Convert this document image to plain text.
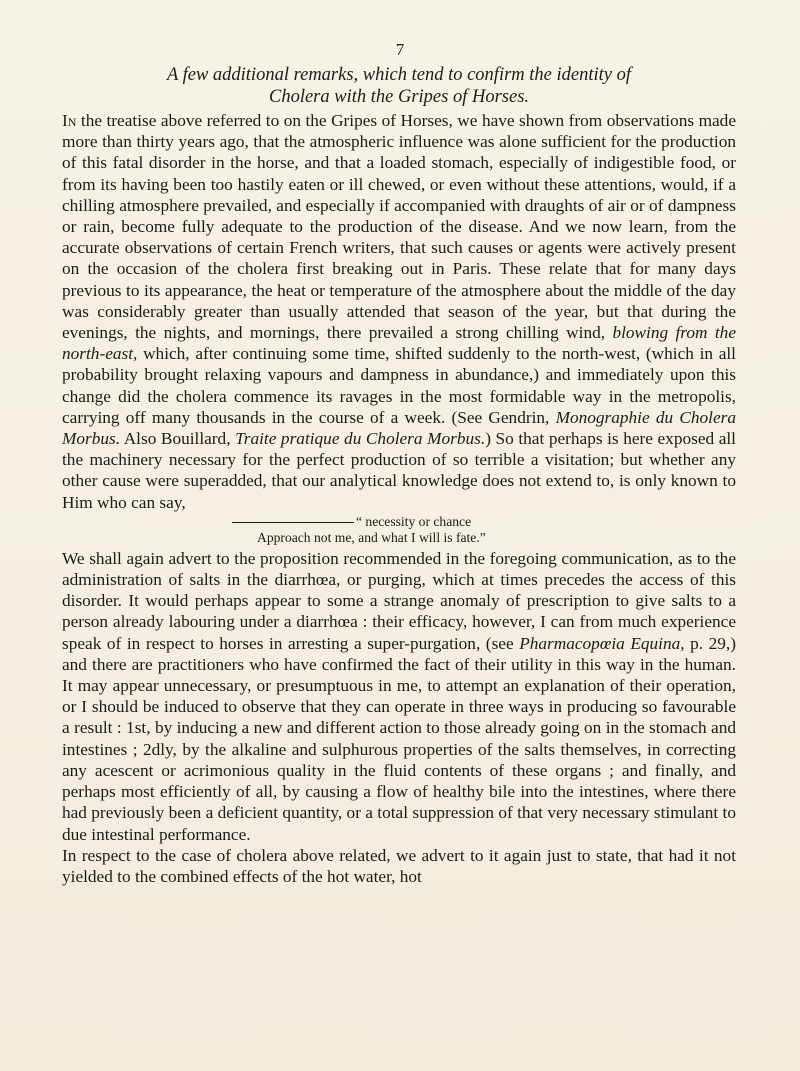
7
A few additional remarks, which tend to confirm the identity of
Cholera with the Gripes of Horses.

In the treatise above referred to on the Gripes of Horses, we have shown from observations made more than thirty years ago, that the atmospheric influence was alone sufficient for the production of this fatal disorder in the horse, and that a loaded stomach, especially of indigestible food, or from its having been too hastily eaten or ill chewed, or even without these attentions, would, if a chilling atmosphere prevailed, and especially if accompanied with draughts of air or of dampness or rain, become fully adequate to the production of the disease. And we now learn, from the accurate observations of certain French writers, that such causes or agents were actively present on the occasion of the cholera first breaking out in Paris. These relate that for many days previous to its appearance, the heat or temperature of the atmosphere about the middle of the day was considerably greater than usually attended that season of the year, but that during the evenings, the nights, and mornings, there prevailed a strong chilling wind, blowing from the north-east, which, after continuing some time, shifted suddenly to the north-west, (which in all probability brought relaxing vapours and dampness in abundance,) and immediately upon this change did the cholera commence its ravages in the most formidable way in the metropolis, carrying off many thousands in the course of a week. (See Gendrin, Monographie du Cholera Morbus. Also Bouillard, Traite pratique du Cholera Morbus.) So that perhaps is here exposed all the machinery necessary for the perfect production of so terrible a visitation; but whether any other cause were superadded, that our analytical knowledge does not extend to, is only known to Him who can say,

“ necessity or chance
Approach not me, and what I will is fate.”

We shall again advert to the proposition recommended in the foregoing communication, as to the administration of salts in the diarrhœa, or purging, which at times precedes the access of this disorder. It would perhaps appear to some a strange anomaly of prescription to give salts to a person already labouring under a diarrhœa : their efficacy, however, I can from much experience speak of in respect to horses in arresting a super-purgation, (see Pharmacopœia Equina, p. 29,) and there are practitioners who have confirmed the fact of their utility in this way in the human. It may appear unnecessary, or presumptuous in me, to attempt an explanation of their operation, or I should be induced to observe that they can operate in three ways in producing so favourable a result : 1st, by inducing a new and different action to those already going on in the stomach and intestines ; 2dly, by the alkaline and sulphurous properties of the salts themselves, in correcting any acescent or acrimonious quality in the fluid contents of these organs ; and finally, and perhaps most efficiently of all, by causing a flow of healthy bile into the intestines, where there had previously been a deficient quantity, or a total suppression of that very necessary stimulant to due intestinal performance.

In respect to the case of cholera above related, we advert to it again just to state, that had it not yielded to the combined effects of the hot water, hot
